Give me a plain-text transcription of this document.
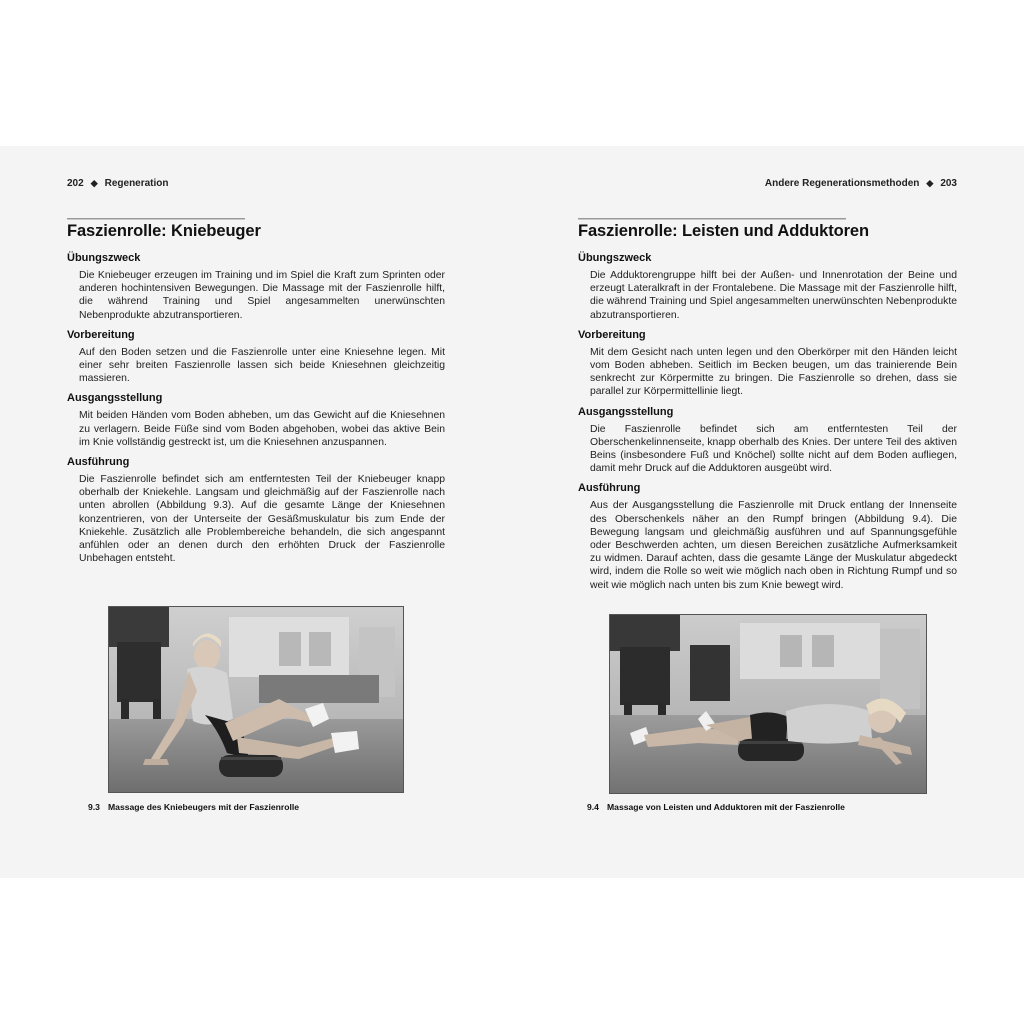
202 ◆ Regeneration
Faszienrolle: Kniebeuger
Übungszweck

Die Kniebeuger erzeugen im Training und im Spiel die Kraft zum Sprinten oder anderen hochintensiven Bewegungen. Die Massage mit der Faszienrolle hilft, die während Training und Spiel angesammelten unerwünschten Nebenprodukte abzutransportieren.

Vorbereitung

Auf den Boden setzen und die Faszienrolle unter eine Kniesehne legen. Mit einer sehr breiten Faszienrolle lassen sich beide Kniesehnen gleichzeitig massieren.

Ausgangsstellung

Mit beiden Händen vom Boden abheben, um das Gewicht auf die Kniesehnen zu verlagern. Beide Füße sind vom Boden abgehoben, wobei das aktive Bein im Knie vollständig gestreckt ist, um die Kniesehnen anzuspannen.

Ausführung

Die Faszienrolle befindet sich am entferntesten Teil der Kniebeuger knapp oberhalb der Kniekehle. Langsam und gleichmäßig auf der Faszienrolle nach unten abrollen (Abbildung 9.3). Auf die gesamte Länge der Kniesehnen konzentrieren, von der Unterseite der Gesäßmuskulatur bis zum Ende der Kniekehle. Zusätzlich alle Problembereiche behandeln, die sich angespannt anfühlen oder an denen durch den erhöhten Druck der Faszienrolle Unbehagen entsteht.

9.3 Massage des Kniebeugers mit der Faszienrolle
Andere Regenerationsmethoden ◆ 203
Faszienrolle: Leisten und Adduktoren
Übungszweck

Die Adduktorengruppe hilft bei der Außen- und Innenrotation der Beine und erzeugt Lateralkraft in der Frontalebene. Die Massage mit der Faszienrolle hilft, die während Training und Spiel angesammelten unerwünschten Nebenprodukte abzutransportieren.

Vorbereitung

Mit dem Gesicht nach unten legen und den Oberkörper mit den Händen leicht vom Boden abheben. Seitlich im Becken beugen, um das trainierende Bein senkrecht zur Körpermitte zu bringen. Die Faszienrolle so drehen, dass sie parallel zur Körpermittellinie liegt.

Ausgangsstellung

Die Faszienrolle befindet sich am entferntesten Teil der Oberschenkelinnenseite, knapp oberhalb des Knies. Der untere Teil des aktiven Beins (insbesondere Fuß und Knöchel) sollte nicht auf dem Boden aufliegen, damit mehr Druck auf die Adduktoren ausgeübt wird.

Ausführung

Aus der Ausgangsstellung die Faszienrolle mit Druck entlang der Innenseite des Oberschenkels näher an den Rumpf bringen (Abbildung 9.4). Die Bewegung langsam und gleichmäßig ausführen und auf Spannungsgefühle oder Beschwerden achten, um diesen Bereichen zusätzliche Aufmerksamkeit zu widmen. Darauf achten, dass die gesamte Länge der Muskulatur abgedeckt wird, indem die Rolle so weit wie möglich nach oben in Richtung Rumpf und so weit wie möglich nach unten bis zum Knie bewegt wird.

9.4 Massage von Leisten und Adduktoren mit der Faszienrolle
